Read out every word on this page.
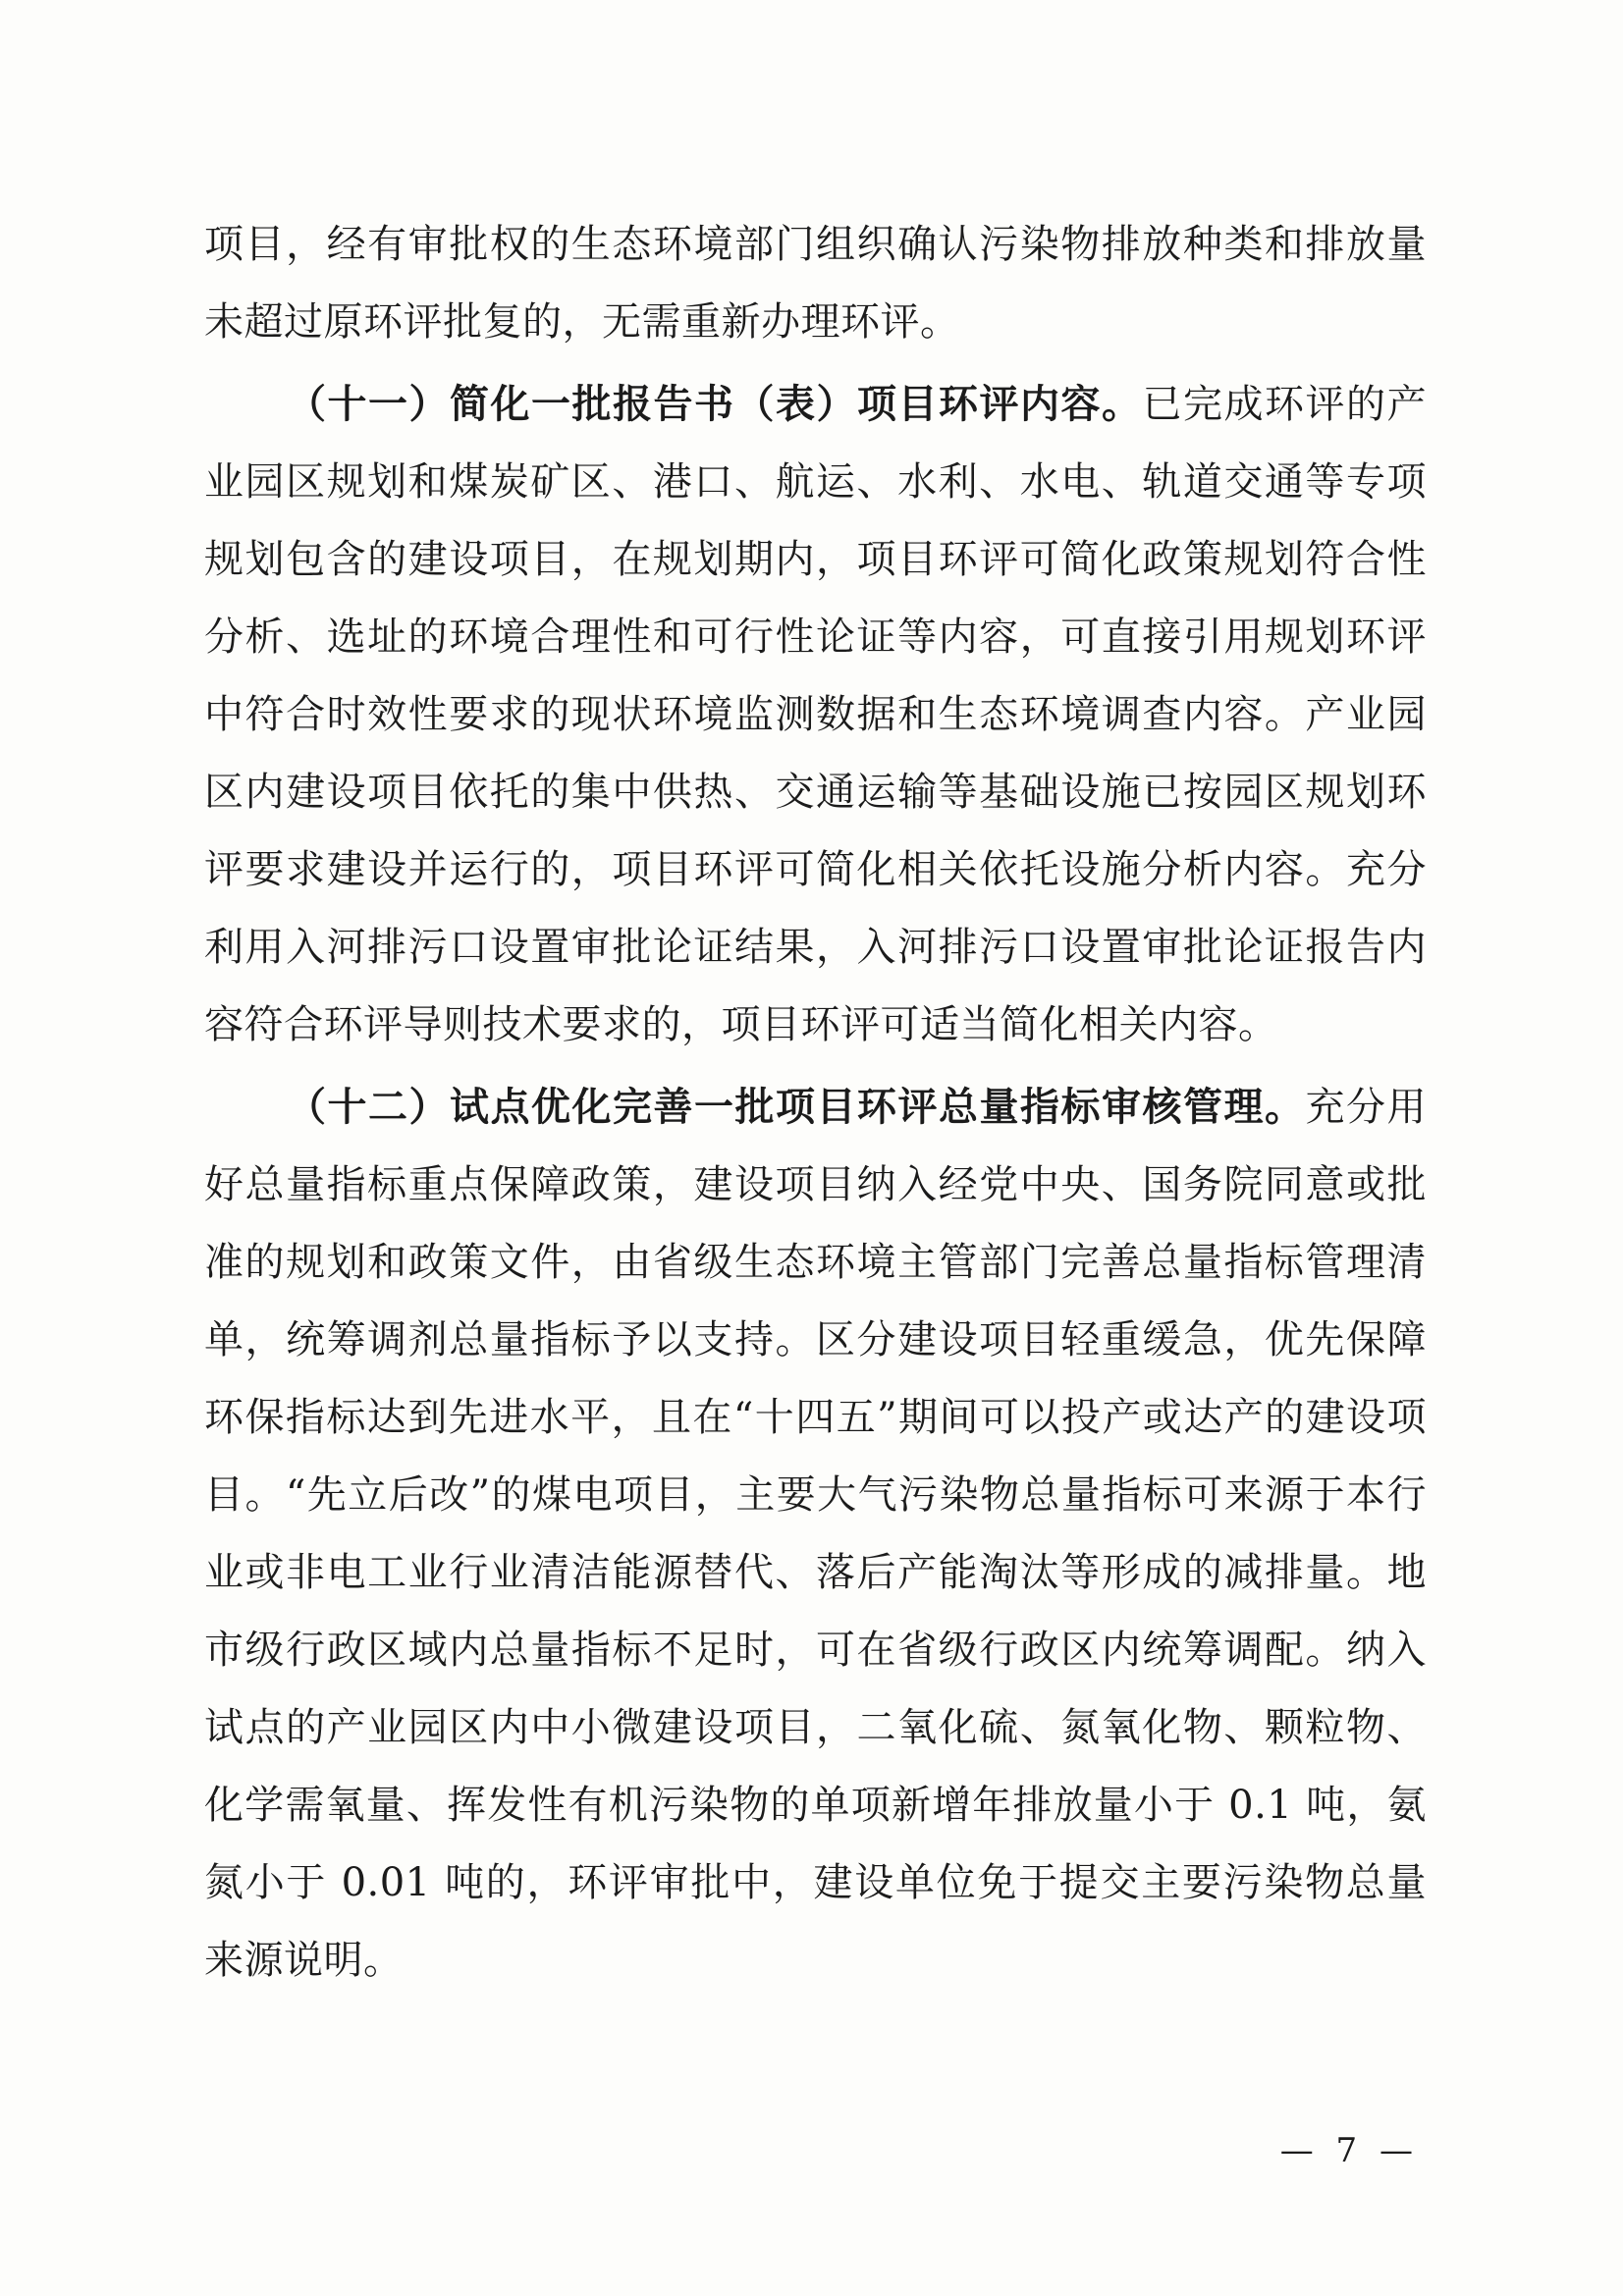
项目，经有审批权的生态环境部门组织确认污染物排放种类和排放量未超过原环评批复的，无需重新办理环评。

（十一）简化一批报告书（表）项目环评内容。已完成环评的产业园区规划和煤炭矿区、港口、航运、水利、水电、轨道交通等专项规划包含的建设项目，在规划期内，项目环评可简化政策规划符合性分析、选址的环境合理性和可行性论证等内容，可直接引用规划环评中符合时效性要求的现状环境监测数据和生态环境调查内容。产业园区内建设项目依托的集中供热、交通运输等基础设施已按园区规划环评要求建设并运行的，项目环评可简化相关依托设施分析内容。充分利用入河排污口设置审批论证结果，入河排污口设置审批论证报告内容符合环评导则技术要求的，项目环评可适当简化相关内容。

（十二）试点优化完善一批项目环评总量指标审核管理。充分用好总量指标重点保障政策，建设项目纳入经党中央、国务院同意或批准的规划和政策文件，由省级生态环境主管部门完善总量指标管理清单，统筹调剂总量指标予以支持。区分建设项目轻重缓急，优先保障环保指标达到先进水平，且在“十四五”期间可以投产或达产的建设项目。“先立后改”的煤电项目，主要大气污染物总量指标可来源于本行业或非电工业行业清洁能源替代、落后产能淘汰等形成的减排量。地市级行政区域内总量指标不足时，可在省级行政区内统筹调配。纳入试点的产业园区内中小微建设项目，二氧化硫、氮氧化物、颗粒物、化学需氧量、挥发性有机污染物的单项新增年排放量小于 0.1 吨，氨氮小于 0.01 吨的，环评审批中，建设单位免于提交主要污染物总量来源说明。

— 7 —
